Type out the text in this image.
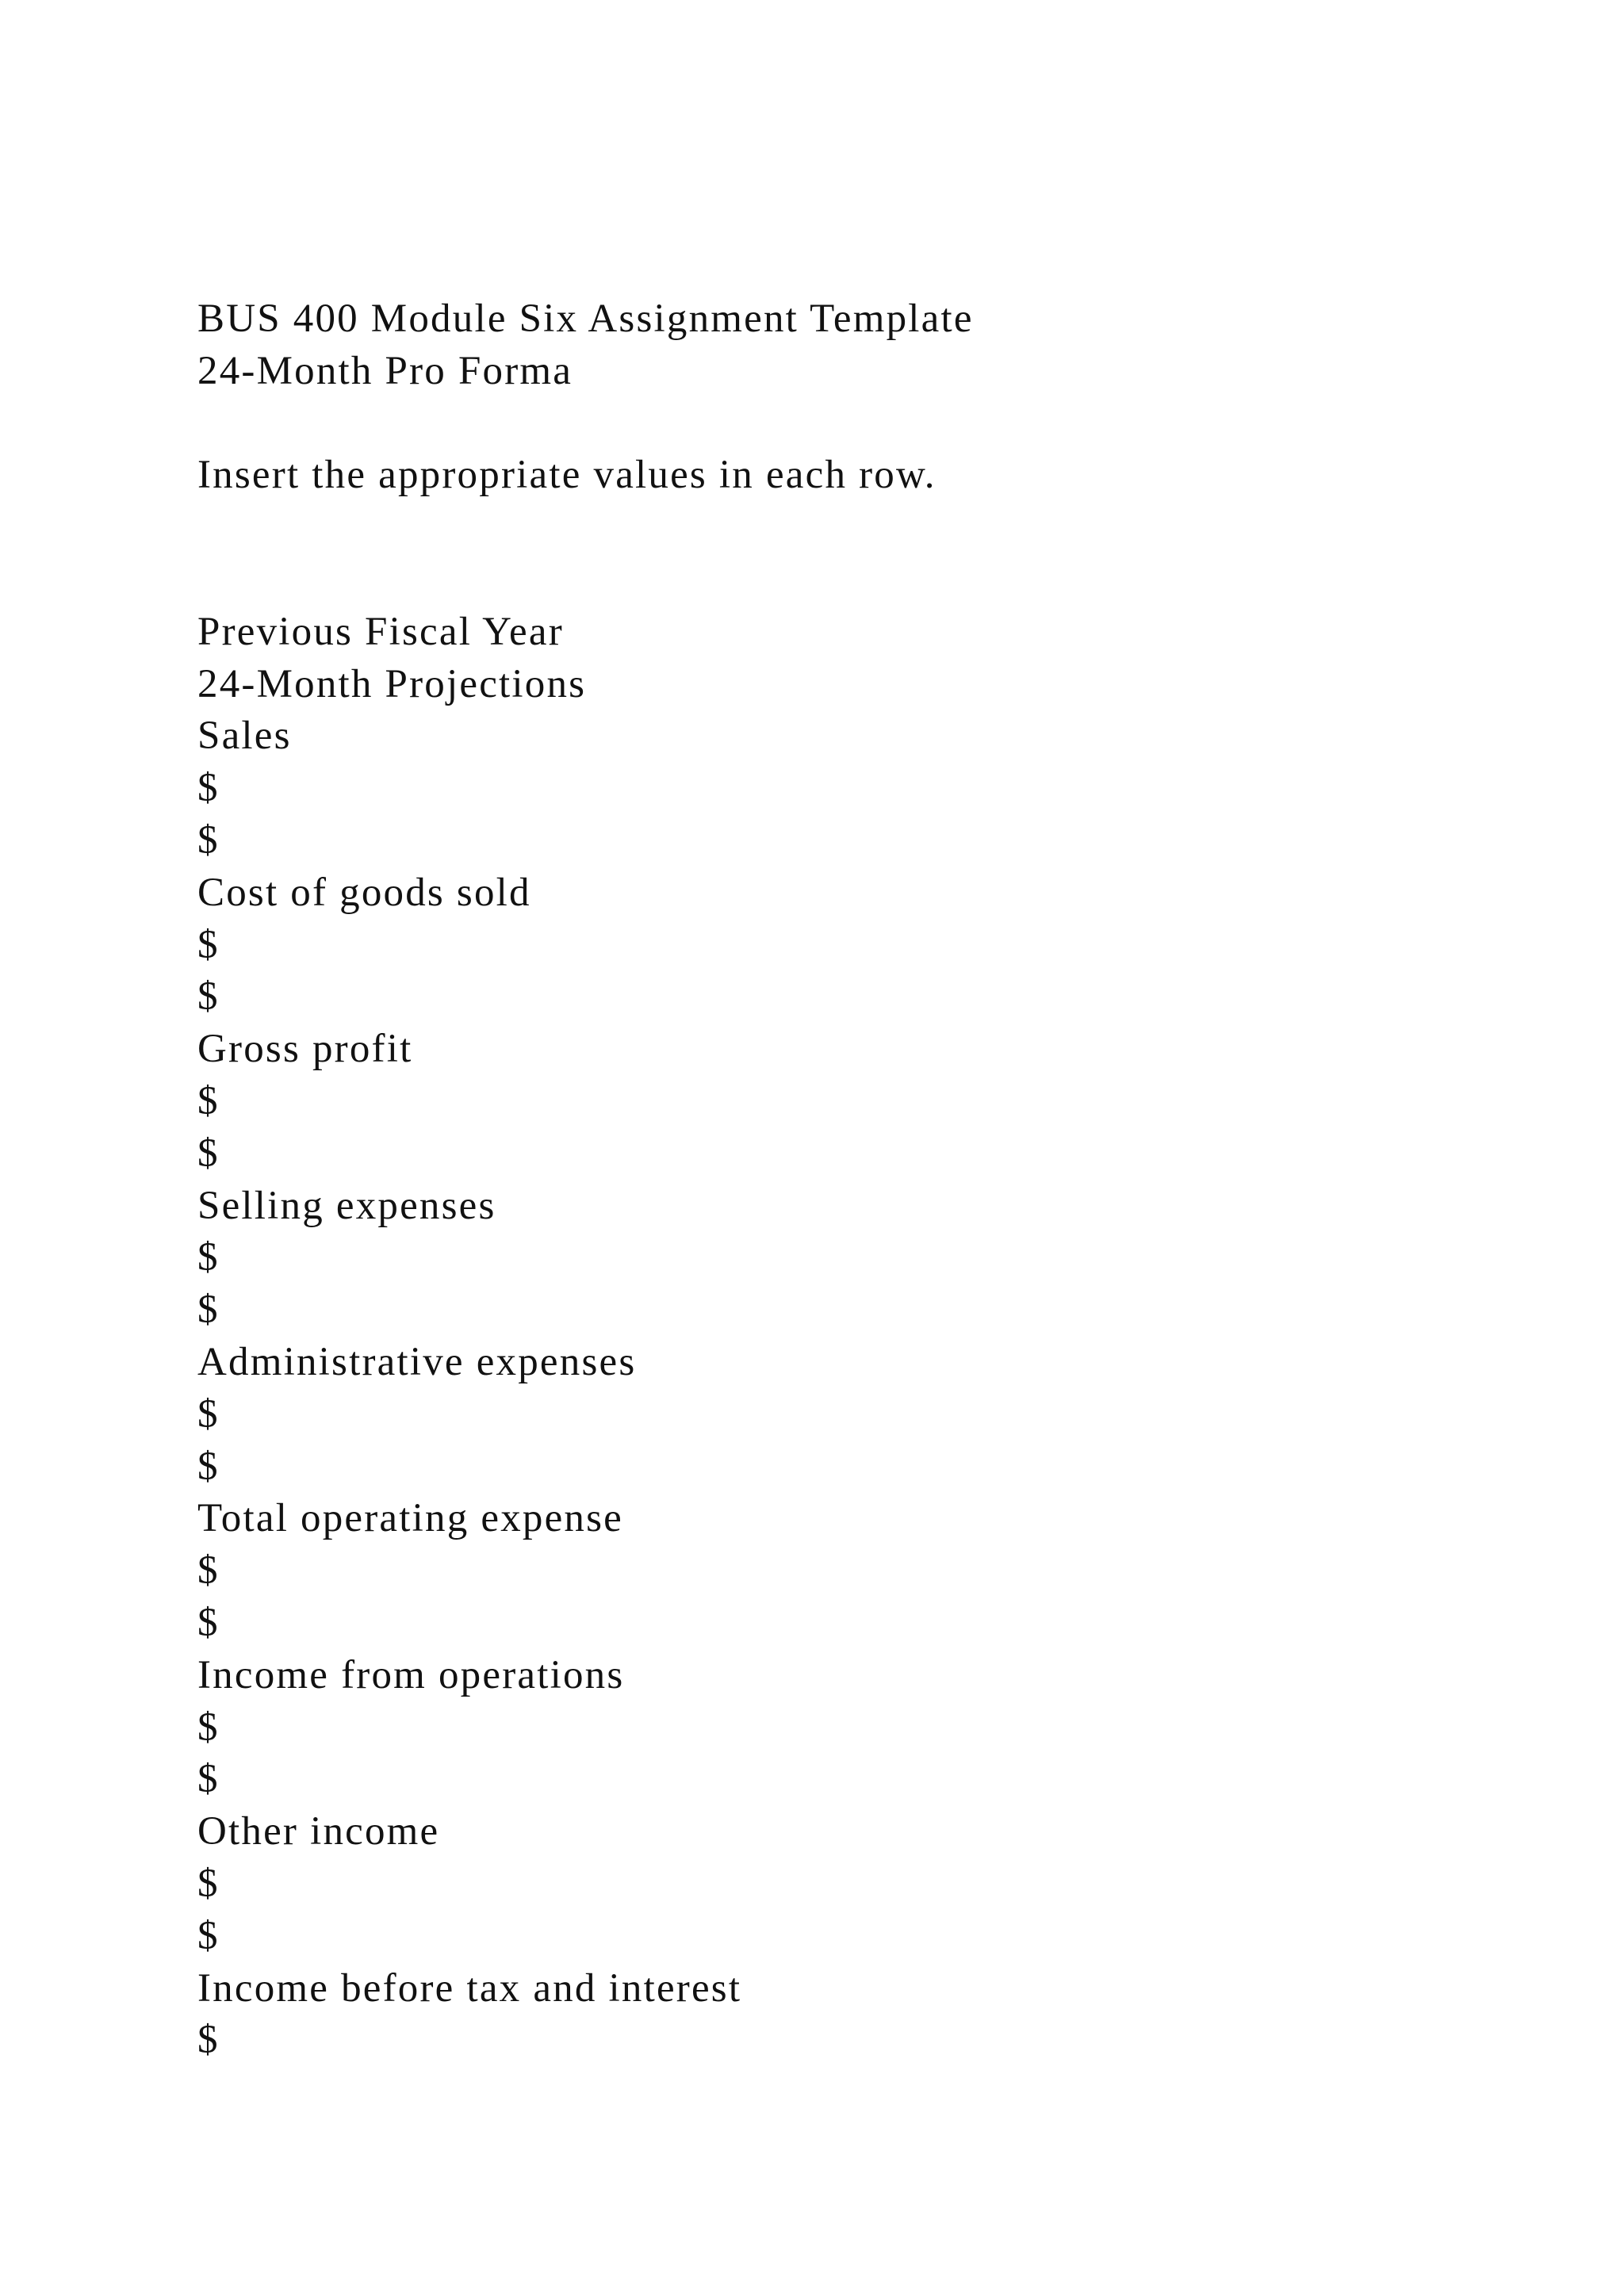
BUS 400 Module Six Assignment Template
24-Month Pro Forma
Insert the appropriate values in each row.
Previous Fiscal Year
24-Month Projections
Sales
$
$
Cost of goods sold
$
$
Gross profit
$
$
Selling expenses
$
$
Administrative expenses
$
$
Total operating expense
$
$
Income from operations
$
$
Other income
$
$
Income before tax and interest
$
